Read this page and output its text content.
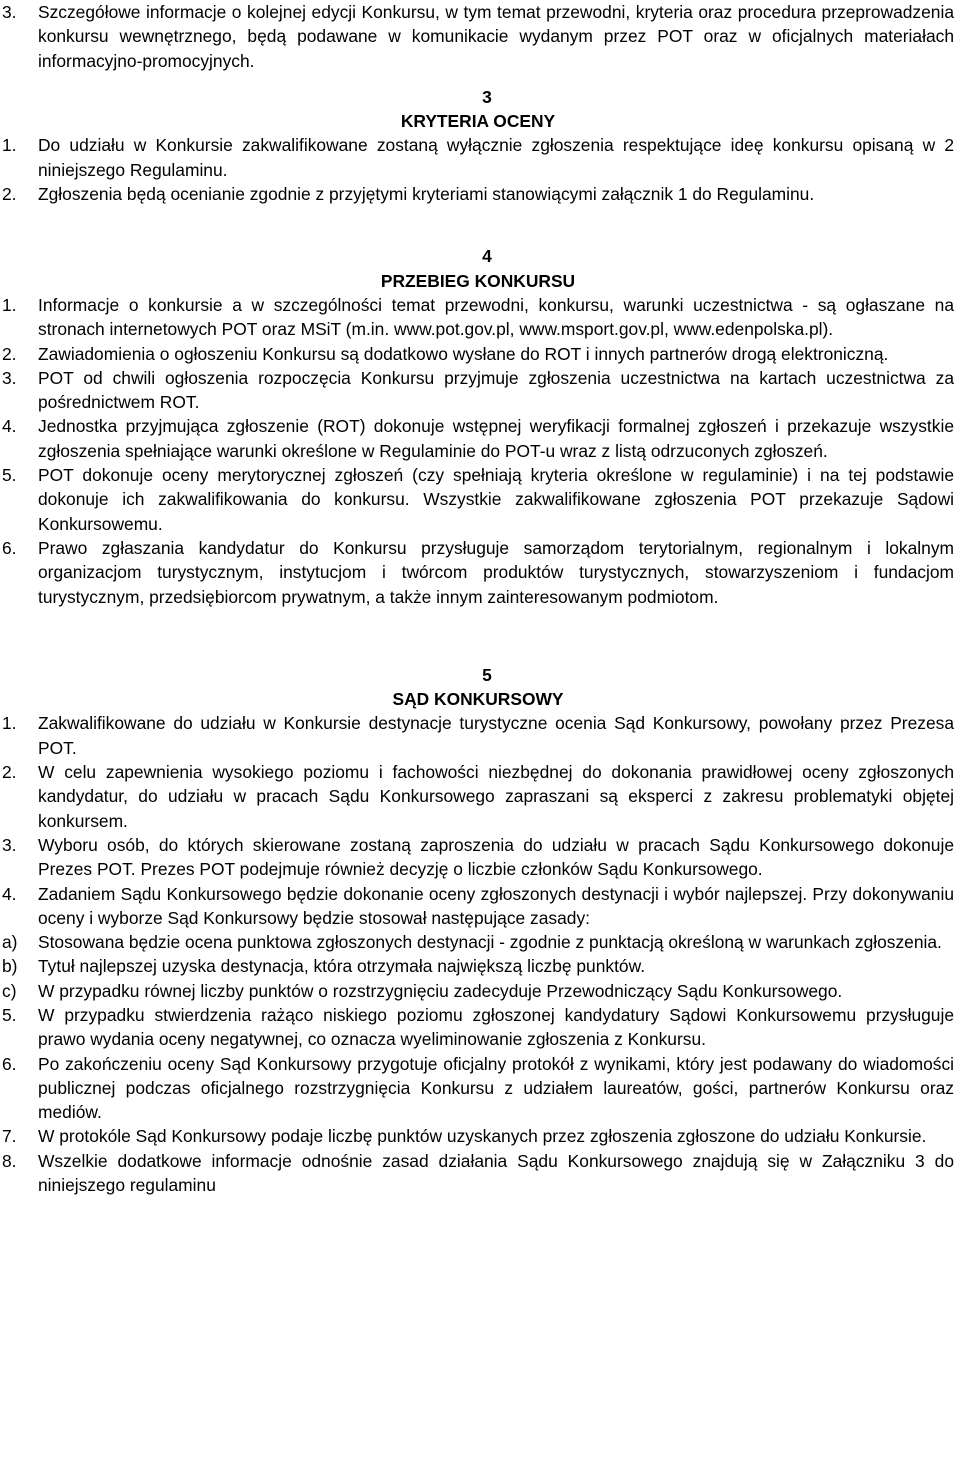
3.	Szczegółowe informacje o kolejnej edycji Konkursu, w tym temat przewodni, kryteria oraz procedura przeprowadzenia konkursu wewnętrznego, będą podawane w komunikacie wydanym przez POT oraz w oficjalnych materiałach informacyjno-promocyjnych.
3
KRYTERIA OCENY
1.	Do udziału w Konkursie zakwalifikowane zostaną wyłącznie zgłoszenia respektujące ideę konkursu opisaną w 2 niniejszego Regulaminu.
2.	Zgłoszenia będą ocenianie zgodnie z przyjętymi kryteriami stanowiącymi załącznik 1 do Regulaminu.
4
PRZEBIEG KONKURSU
1.	Informacje o konkursie a w szczególności temat przewodni, konkursu, warunki uczestnictwa - są ogłaszane na stronach internetowych POT oraz MSiT (m.in. www.pot.gov.pl, www.msport.gov.pl, www.edenpolska.pl).
2.	Zawiadomienia o ogłoszeniu Konkursu są dodatkowo wysłane do ROT i innych partnerów drogą elektroniczną.
3.	POT od chwili ogłoszenia rozpoczęcia Konkursu przyjmuje zgłoszenia uczestnictwa na kartach uczestnictwa za pośrednictwem ROT.
4.	Jednostka przyjmująca zgłoszenie (ROT) dokonuje wstępnej weryfikacji formalnej zgłoszeń i przekazuje wszystkie zgłoszenia spełniające warunki określone w Regulaminie do POT-u wraz z listą odrzuconych zgłoszeń.
5.	POT dokonuje oceny merytorycznej zgłoszeń (czy spełniają kryteria określone w regulaminie) i na tej podstawie dokonuje ich zakwalifikowania do konkursu. Wszystkie zakwalifikowane zgłoszenia POT przekazuje Sądowi Konkursowemu.
6.	Prawo zgłaszania kandydatur do Konkursu przysługuje samorządom terytorialnym, regionalnym i lokalnym organizacjom turystycznym, instytucjom i twórcom produktów turystycznych, stowarzyszeniom i fundacjom turystycznym, przedsiębiorcom prywatnym, a także innym zainteresowanym podmiotom.
5
SĄD KONKURSOWY
1.	Zakwalifikowane do udziału w Konkursie destynacje turystyczne ocenia Sąd Konkursowy, powołany przez Prezesa POT.
2.	W celu zapewnienia wysokiego poziomu i fachowości niezbędnej do dokonania prawidłowej oceny zgłoszonych kandydatur, do udziału w pracach Sądu Konkursowego zapraszani są eksperci z zakresu problematyki objętej konkursem.
3.	Wyboru osób, do których skierowane zostaną zaproszenia do udziału w pracach Sądu Konkursowego dokonuje Prezes POT. Prezes POT podejmuje również decyzję o liczbie członków Sądu Konkursowego.
4.	Zadaniem Sądu Konkursowego będzie dokonanie oceny zgłoszonych destynacji i wybór najlepszej. Przy dokonywaniu oceny i wyborze Sąd Konkursowy będzie stosował następujące zasady:
a)	Stosowana będzie ocena punktowa zgłoszonych destynacji - zgodnie z punktacją określoną w warunkach zgłoszenia.
b)	Tytuł najlepszej uzyska destynacja, która otrzymała największą liczbę punktów.
c)	W przypadku równej liczby punktów o rozstrzygnięciu zadecyduje Przewodniczący Sądu Konkursowego.
5.	W przypadku stwierdzenia rażąco niskiego poziomu zgłoszonej kandydatury Sądowi Konkursowemu przysługuje prawo wydania oceny negatywnej, co oznacza wyeliminowanie zgłoszenia z Konkursu.
6.	Po zakończeniu oceny Sąd Konkursowy przygotuje oficjalny protokół z wynikami, który jest podawany do wiadomości publicznej podczas oficjalnego rozstrzygnięcia Konkursu z udziałem laureatów, gości, partnerów Konkursu oraz mediów.
7.	W protokóle Sąd Konkursowy podaje liczbę punktów uzyskanych przez zgłoszenia zgłoszone do udziału Konkursie.
8.	Wszelkie dodatkowe informacje odnośnie zasad działania Sądu Konkursowego znajdują się w Załączniku 3 do niniejszego regulaminu
